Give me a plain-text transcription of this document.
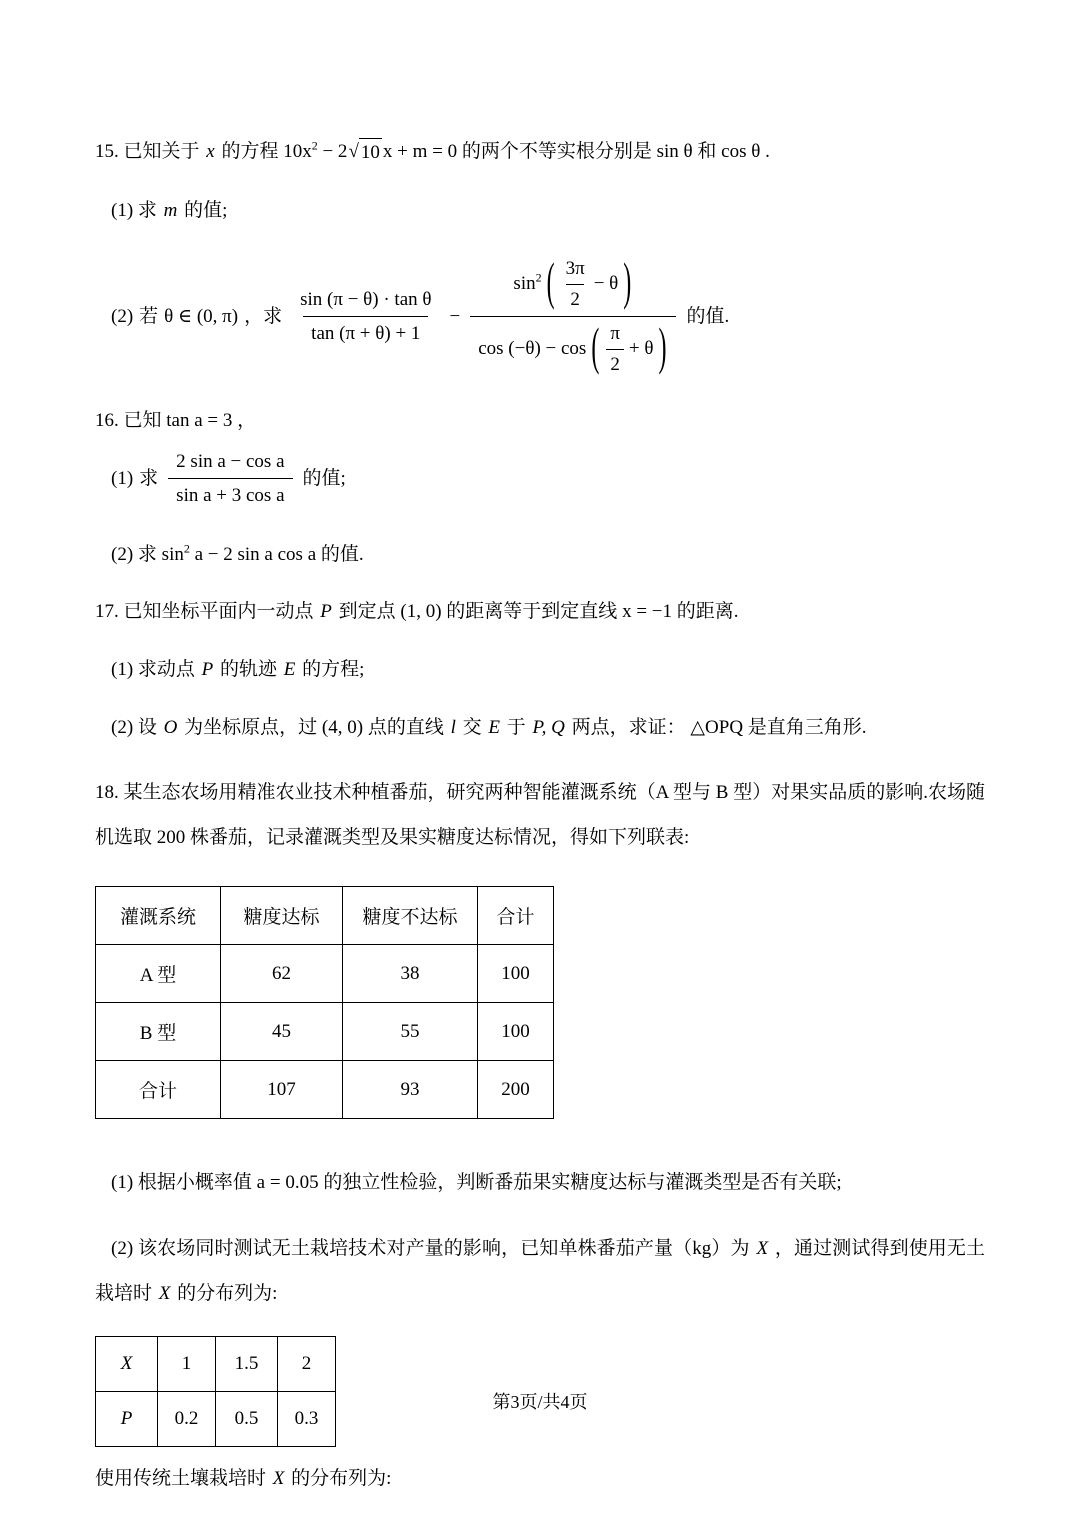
15. 已知关于 x 的方程 $10x^2 - 2$ √ 10 x + m = 0 的两个不等实根分别是 sin θ 和 cos θ .

(1) 求 m 的值;

(2) 若 θ ∈ (0, π) ，求 $\frac{\text{sin (π − θ) · tan θ}}{\tan (\pi + \theta) + 1}$ −
$\sin^2$ ( $\frac{3\pi}{2} - \theta$ )
cos (−θ) − cos ( $\frac{\pi}{2} + \theta$ )
的值.

16. 已知 tan a = 3 ，

(1) 求 $\frac{\text{2 sin a − cos a}}{\text{sin a + 3 cos a}}$ 的值;

(2) 求 $\sin^2 a - 2$ sin a cos a 的值.

17. 已知坐标平面内一动点 P 到定点 (1, 0) 的距离等于到定直线 x = −1 的距离.

(1) 求动点 P 的轨迹 E 的方程;

(2) 设 O 为坐标原点，过 (4, 0) 点的直线 l 交 E 于 P, Q 两点，求证： △OPQ 是直角三角形.

18. 某生态农场用精准农业技术种植番茄，研究两种智能灌溉系统（A 型与 B 型）对果实品质的影响.农场随机选取 200 株番茄，记录灌溉类型及果实糖度达标情况，得如下列联表:

灌溉系统	糖度达标	糖度不达标	合计
A 型	62	38	100
B 型	45	55	100
合计	107	93	200

(1) 根据小概率值 a = 0.05 的独立性检验，判断番茄果实糖度达标与灌溉类型是否有关联;

(2) 该农场同时测试无土栽培技术对产量的影响，已知单株番茄产量（kg）为 X ，通过测试得到使用无土栽培时 X 的分布列为:

X	1	1.5	2
P	0.2	0.5	0.3

使用传统土壤栽培时 X 的分布列为:

第3页/共4页
